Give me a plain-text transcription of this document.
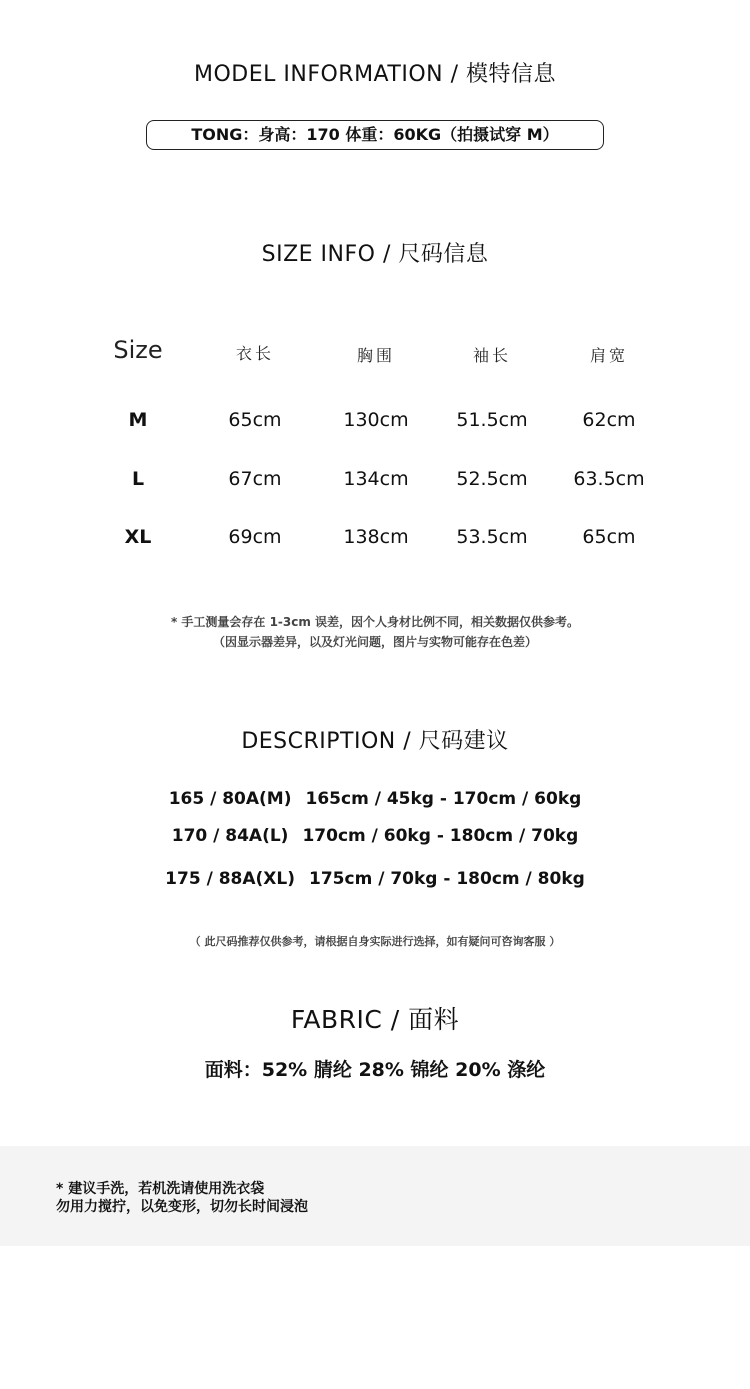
MODEL INFORMATION / 模特信息
TONG：身高：170 体重：60KG（拍摄试穿 M）
SIZE INFO / 尺码信息
Size	衣长	胸围	袖长	肩宽
M	65cm	130cm	51.5cm	62cm
L	67cm	134cm	52.5cm	63.5cm
XL	69cm	138cm	53.5cm	65cm
* 手工测量会存在 1-3cm 误差，因个人身材比例不同，相关数据仅供参考。
（因显示器差异，以及灯光问题，图片与实物可能存在色差）
DESCRIPTION / 尺码建议
165 / 80A(M) 165cm / 45kg - 170cm / 60kg
170 / 84A(L) 170cm / 60kg - 180cm / 70kg
175 / 88A(XL) 175cm / 70kg - 180cm / 80kg
（ 此尺码推荐仅供参考，请根据自身实际进行选择，如有疑问可咨询客服 ）
FABRIC / 面料
面料：52% 腈纶 28% 锦纶 20% 涤纶
* 建议手洗，若机洗请使用洗衣袋
勿用力搅拧，以免变形，切勿长时间浸泡
